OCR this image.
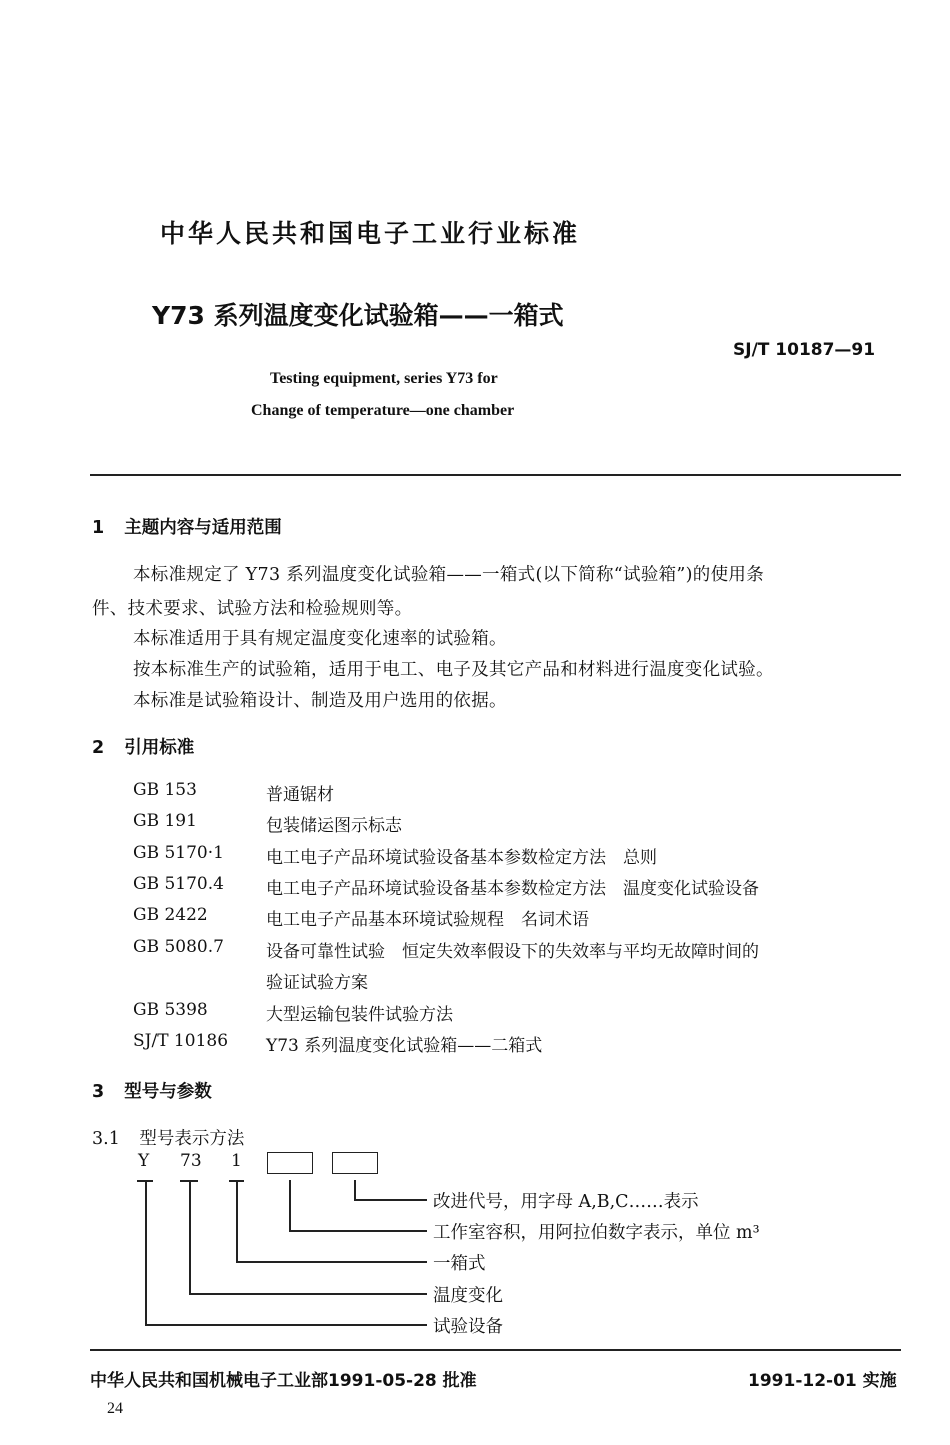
中华人民共和国电子工业行业标准
Y73 系列温度变化试验箱——一箱式
SJ/T 10187—91
Testing equipment, series Y73 for
Change of temperature—one chamber
1 主题内容与适用范围
本标准规定了 Y73 系列温度变化试验箱——一箱式(以下简称“试验箱”)的使用条
件、技术要求、试验方法和检验规则等。
本标准适用于具有规定温度变化速率的试验箱。
按本标准生产的试验箱，适用于电工、电子及其它产品和材料进行温度变化试验。
本标准是试验箱设计、制造及用户选用的依据。
2 引用标准
GB 153	普通锯材
GB 191	包装储运图示标志
GB 5170·1 电工电子产品环境试验设备基本参数检定方法　总则
GB 5170.4 电工电子产品环境试验设备基本参数检定方法　温度变化试验设备
GB 2422	电工电子产品基本环境试验规程　名词术语
GB 5080.7 设备可靠性试验　恒定失效率假设下的失效率与平均无故障时间的
验证试验方案
GB 5398	大型运输包装件试验方法
SJ/T 10186 Y73 系列温度变化试验箱——二箱式
3 型号与参数
3.1 型号表示方法
Y 73 1
改进代号，用字母 A,B,C……表示
工作室容积，用阿拉伯数字表示，单位 m³
一箱式
温度变化
试验设备
中华人民共和国机械电子工业部1991-05-28 批准	1991-12-01 实施
24
